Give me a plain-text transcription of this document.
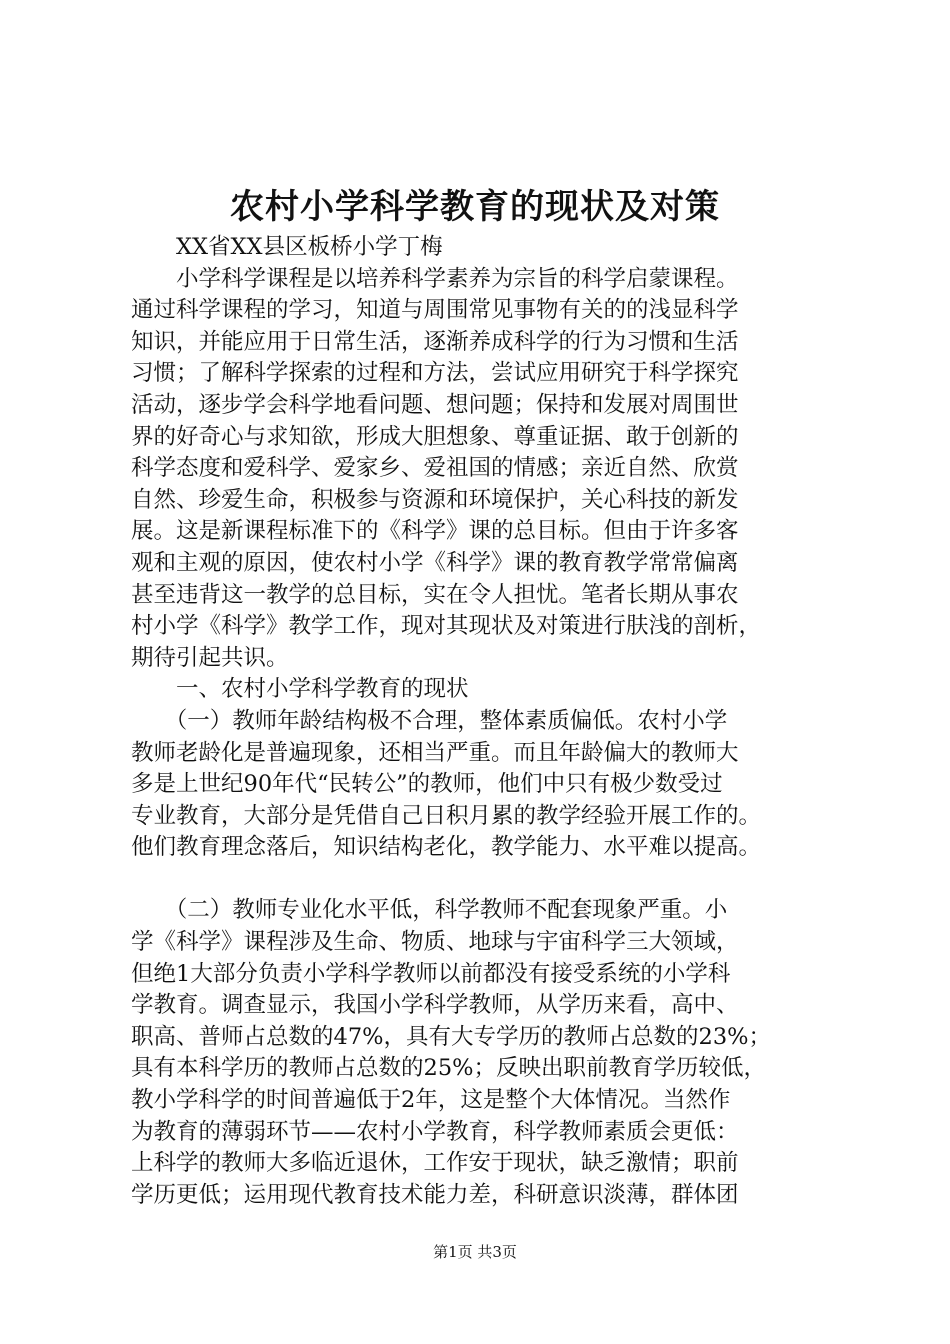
农村小学科学教育的现状及对策
　　XX省XX县区板桥小学丁梅
　　小学科学课程是以培养科学素养为宗旨的科学启蒙课程。
通过科学课程的学习，知道与周围常见事物有关的的浅显科学
知识，并能应用于日常生活，逐渐养成科学的行为习惯和生活
习惯；了解科学探索的过程和方法，尝试应用研究于科学探究
活动，逐步学会科学地看问题、想问题；保持和发展对周围世
界的好奇心与求知欲，形成大胆想象、尊重证据、敢于创新的
科学态度和爱科学、爱家乡、爱祖国的情感；亲近自然、欣赏
自然、珍爱生命，积极参与资源和环境保护，关心科技的新发
展。这是新课程标准下的《科学》课的总目标。但由于许多客
观和主观的原因，使农村小学《科学》课的教育教学常常偏离
甚至违背这一教学的总目标，实在令人担忧。笔者长期从事农
村小学《科学》教学工作，现对其现状及对策进行肤浅的剖析，
期待引起共识。
　　一、农村小学科学教育的现状
　　（一）教师年龄结构极不合理，整体素质偏低。农村小学
教师老龄化是普遍现象，还相当严重。而且年龄偏大的教师大
多是上世纪90年代“民转公”的教师，他们中只有极少数受过
专业教育，大部分是凭借自己日积月累的教学经验开展工作的。
他们教育理念落后，知识结构老化，教学能力、水平难以提高。
　　（二）教师专业化水平低，科学教师不配套现象严重。小
学《科学》课程涉及生命、物质、地球与宇宙科学三大领域，
但绝1大部分负责小学科学教师以前都没有接受系统的小学科
学教育。调查显示，我国小学科学教师，从学历来看，高中、
职高、普师占总数的47%，具有大专学历的教师占总数的23%；
具有本科学历的教师占总数的25%；反映出职前教育学历较低，
教小学科学的时间普遍低于2年，这是整个大体情况。当然作
为教育的薄弱环节——农村小学教育，科学教师素质会更低：
上科学的教师大多临近退休，工作安于现状，缺乏激情；职前
学历更低；运用现代教育技术能力差，科研意识淡薄，群体团
第1页 共3页
